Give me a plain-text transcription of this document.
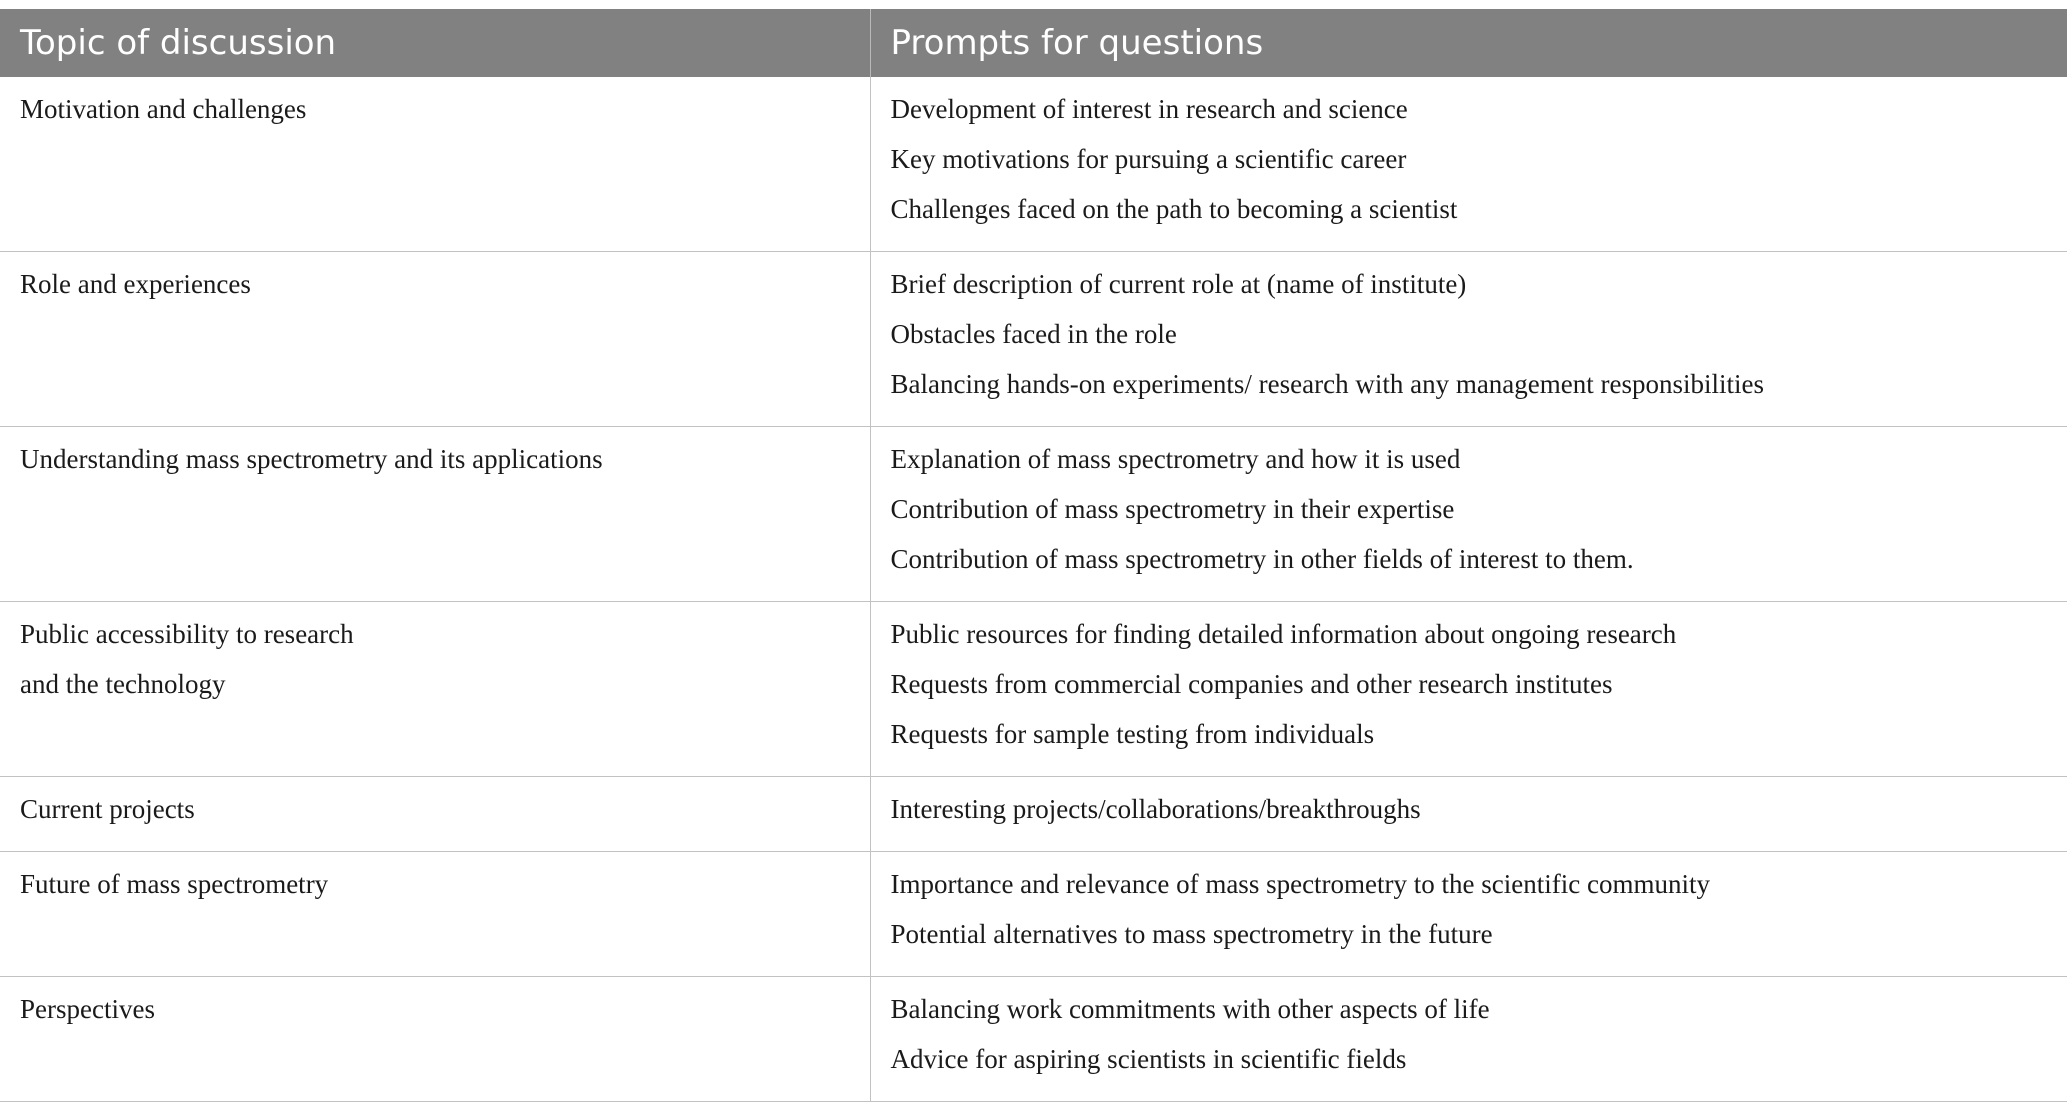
Topic of discussion	Prompts for questions

Motivation and challenges	Development of interest in research and science
Key motivations for pursuing a scientific career
Challenges faced on the path to becoming a scientist

Role and experiences	Brief description of current role at (name of institute)
Obstacles faced in the role
Balancing hands-on experiments/ research with any management responsibilities

Understanding mass spectrometry and its applications	Explanation of mass spectrometry and how it is used
Contribution of mass spectrometry in their expertise
Contribution of mass spectrometry in other fields of interest to them.

Public accessibility to research
and the technology	Public resources for finding detailed information about ongoing research
Requests from commercial companies and other research institutes
Requests for sample testing from individuals

Current projects	Interesting projects/collaborations/breakthroughs

Future of mass spectrometry	Importance and relevance of mass spectrometry to the scientific community
Potential alternatives to mass spectrometry in the future

Perspectives	Balancing work commitments with other aspects of life
Advice for aspiring scientists in scientific fields
